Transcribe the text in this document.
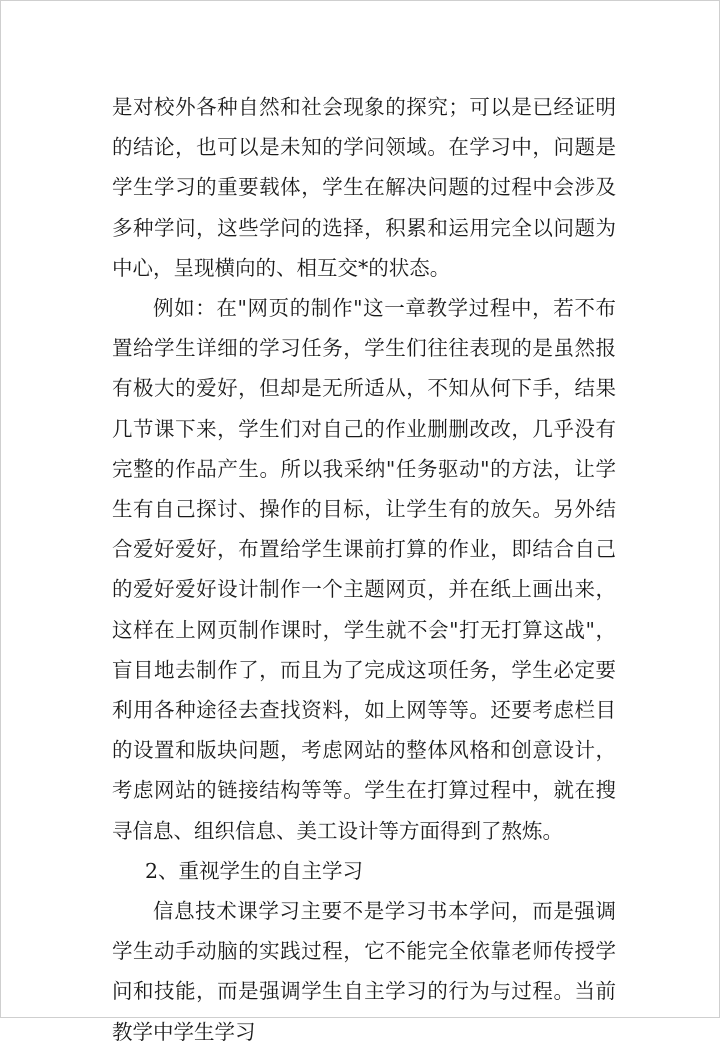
是对校外各种自然和社会现象的探究；可以是已经证明的结论，也可以是未知的学问领域。在学习中，问题是学生学习的重要载体，学生在解决问题的过程中会涉及多种学问，这些学问的选择，积累和运用完全以问题为中心，呈现横向的、相互交*的状态。

例如：在"网页的制作"这一章教学过程中，若不布置给学生详细的学习任务，学生们往往表现的是虽然报有极大的爱好，但却是无所适从，不知从何下手，结果几节课下来，学生们对自己的作业删删改改，几乎没有完整的作品产生。所以我采纳"任务驱动"的方法，让学生有自己探讨、操作的目标，让学生有的放矢。另外结合爱好爱好，布置给学生课前打算的作业，即结合自己的爱好爱好设计制作一个主题网页，并在纸上画出来，这样在上网页制作课时，学生就不会"打无打算这战"，盲目地去制作了，而且为了完成这项任务，学生必定要利用各种途径去查找资料，如上网等等。还要考虑栏目的设置和版块问题，考虑网站的整体风格和创意设计，考虑网站的链接结构等等。学生在打算过程中，就在搜寻信息、组织信息、美工设计等方面得到了熬炼。

2、重视学生的自主学习

信息技术课学习主要不是学习书本学问，而是强调学生动手动脑的实践过程，它不能完全依靠老师传授学问和技能，而是强调学生自主学习的行为与过程。当前教学中学生学习
